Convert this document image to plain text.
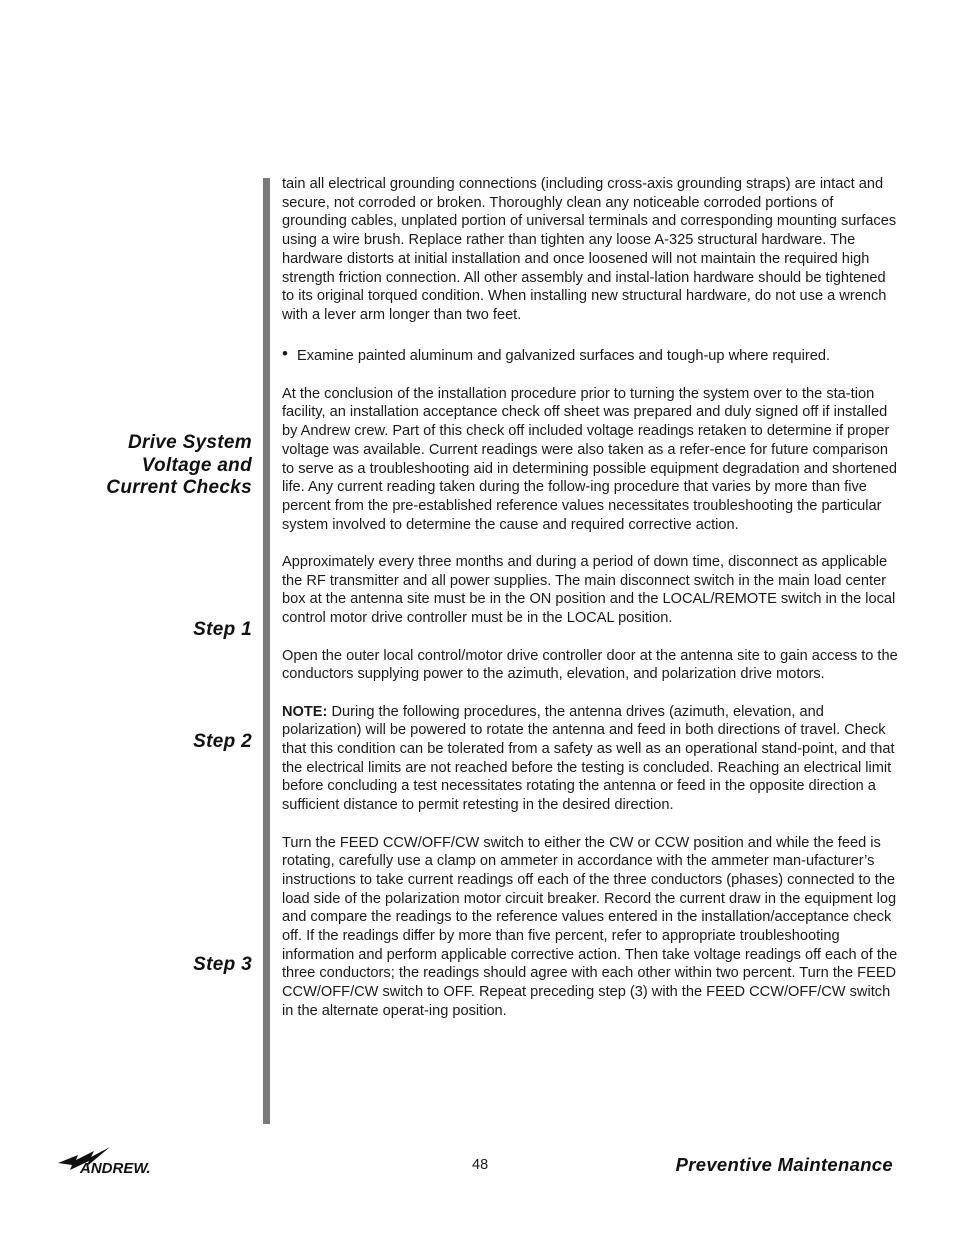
tain all electrical grounding connections (including cross-axis grounding straps) are intact and secure, not corroded or broken. Thoroughly clean any noticeable corroded portions of grounding cables, unplated portion of universal terminals and corresponding mounting surfaces using a wire brush. Replace rather than tighten any loose A-325 structural hardware. The hardware distorts at initial installation and once loosened will not maintain the required high strength friction connection. All other assembly and instal-lation hardware should be tightened to its original torqued condition. When installing new structural hardware, do not use a wrench with a lever arm longer than two feet.

• Examine painted aluminum and galvanized surfaces and tough-up where required.

At the conclusion of the installation procedure prior to turning the system over to the sta-tion facility, an installation acceptance check off sheet was prepared and duly signed off if installed by Andrew crew. Part of this check off included voltage readings retaken to determine if proper voltage was available. Current readings were also taken as a refer-ence for future comparison to serve as a troubleshooting aid in determining possible equipment degradation and shortened life. Any current reading taken during the follow-ing procedure that varies by more than five percent from the pre-established reference values necessitates troubleshooting the particular system involved to determine the cause and required corrective action.

Approximately every three months and during a period of down time, disconnect as applicable the RF transmitter and all power supplies. The main disconnect switch in the main load center box at the antenna site must be in the ON position and the LOCAL/REMOTE switch in the local control motor drive controller must be in the LOCAL position.

Open the outer local control/motor drive controller door at the antenna site to gain access to the conductors supplying power to the azimuth, elevation, and polarization drive motors.

NOTE: During the following procedures, the antenna drives (azimuth, elevation, and polarization) will be powered to rotate the antenna and feed in both directions of travel. Check that this condition can be tolerated from a safety as well as an operational stand-point, and that the electrical limits are not reached before the testing is concluded. Reaching an electrical limit before concluding a test necessitates rotating the antenna or feed in the opposite direction a sufficient distance to permit retesting in the desired direction.

Turn the FEED CCW/OFF/CW switch to either the CW or CCW position and while the feed is rotating, carefully use a clamp on ammeter in accordance with the ammeter man-ufacturer’s instructions to take current readings off each of the three conductors (phases) connected to the load side of the polarization motor circuit breaker. Record the current draw in the equipment log and compare the readings to the reference values entered in the installation/acceptance check off. If the readings differ by more than five percent, refer to appropriate troubleshooting information and perform applicable corrective action. Then take voltage readings off each of the three conductors; the readings should agree with each other within two percent. Turn the FEED CCW/OFF/CW switch to OFF. Repeat preceding step (3) with the FEED CCW/OFF/CW switch in the alternate operat-ing position.

Drive System
Voltage and
Current Checks
Step 1
Step 2
Step 3
ANDREW.	48	Preventive Maintenance
